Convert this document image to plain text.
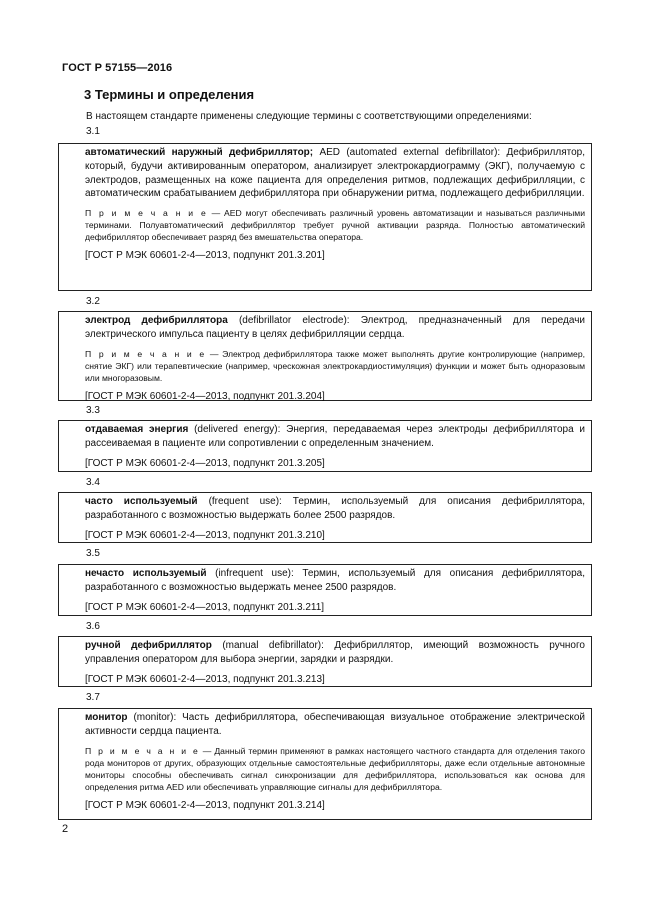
ГОСТ Р 57155—2016
3 Термины и определения
В настоящем стандарте применены следующие термины с соответствующими определениями:
3.1

автоматический наружный дефибриллятор; AED (automated external defibrillator): Дефибриллятор, который, будучи активированным оператором, анализирует электрокардиограмму (ЭКГ), получаемую с электродов, размещенных на коже пациента для определения ритмов, подлежащих дефибрилляции, с автоматическим срабатыванием дефибриллятора при обнаружении ритма, подлежащего дефибрилляции.

П р и м е ч а н и е — AED могут обеспечивать различный уровень автоматизации и называться различными терминами. Полуавтоматический дефибриллятор требует ручной активации разряда. Полностью автоматический дефибриллятор обеспечивает разряд без вмешательства оператора.

[ГОСТ Р МЭК 60601-2-4—2013, подпункт 201.3.201]

3.2

электрод дефибриллятора (defibrillator electrode): Электрод, предназначенный для передачи электрического импульса пациенту в целях дефибрилляции сердца.

П р и м е ч а н и е — Электрод дефибриллятора также может выполнять другие контролирующие (например, снятие ЭКГ) или терапевтические (например, чрескожная электрокардиостимуляция) функции и может быть одноразовым или многоразовым.

[ГОСТ Р МЭК 60601-2-4—2013, подпункт 201.3.204]

3.3

отдаваемая энергия (delivered energy): Энергия, передаваемая через электроды дефибриллятора и рассеиваемая в пациенте или сопротивлении с определенным значением.

[ГОСТ Р МЭК 60601-2-4—2013, подпункт 201.3.205]

3.4

часто используемый (frequent use): Термин, используемый для описания дефибриллятора, разработанного с возможностью выдержать более 2500 разрядов.

[ГОСТ Р МЭК 60601-2-4—2013, подпункт 201.3.210]

3.5

нечасто используемый (infrequent use): Термин, используемый для описания дефибриллятора, разработанного с возможностью выдержать менее 2500 разрядов.

[ГОСТ Р МЭК 60601-2-4—2013, подпункт 201.3.211]

3.6

ручной дефибриллятор (manual defibrillator): Дефибриллятор, имеющий возможность ручного управления оператором для выбора энергии, зарядки и разрядки.

[ГОСТ Р МЭК 60601-2-4—2013, подпункт 201.3.213]

3.7

монитор (monitor): Часть дефибриллятора, обеспечивающая визуальное отображение электрической активности сердца пациента.

П р и м е ч а н и е — Данный термин применяют в рамках настоящего частного стандарта для отделения такого рода мониторов от других, образующих отдельные самостоятельные дефибрилляторы, даже если отдельные автономные мониторы способны обеспечивать сигнал синхронизации для дефибриллятора, использоваться как основа для определения ритма AED или обеспечивать управляющие сигналы для дефибриллятора.

[ГОСТ Р МЭК 60601-2-4—2013, подпункт 201.3.214]

2
